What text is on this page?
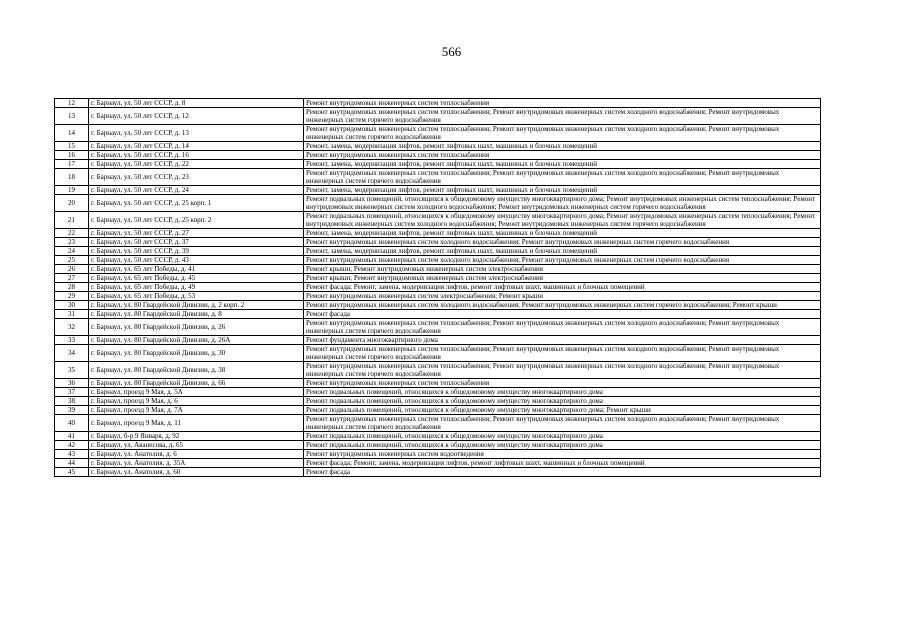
566
12	г. Барнаул, ул. 50 лет СССР, д. 8	Ремонт внутридомовых инженерных систем теплоснабжения
13	г. Барнаул, ул. 50 лет СССР, д. 12	Ремонт внутридомовых инженерных систем теплоснабжения; Ремонт внутридомовых инженерных систем холодного водоснабжения; Ремонт внутридомовых инженерных систем горячего водоснабжения
14	г. Барнаул, ул. 50 лет СССР, д. 13	Ремонт внутридомовых инженерных систем теплоснабжения; Ремонт внутридомовых инженерных систем холодного водоснабжения; Ремонт внутридомовых инженерных систем горячего водоснабжения
15	г. Барнаул, ул. 50 лет СССР, д. 14	Ремонт, замена, модернизация лифтов, ремонт лифтовых шахт, машинных и блочных помещений
16	г. Барнаул, ул. 50 лет СССР, д. 16	Ремонт внутридомовых инженерных систем теплоснабжения
17	г. Барнаул, ул. 50 лет СССР, д. 22	Ремонт, замена, модернизация лифтов, ремонт лифтовых шахт, машинных и блочных помещений
18	г. Барнаул, ул. 50 лет СССР, д. 23	Ремонт внутридомовых инженерных систем теплоснабжения; Ремонт внутридомовых инженерных систем холодного водоснабжения; Ремонт внутридомовых инженерных систем горячего водоснабжения
19	г. Барнаул, ул. 50 лет СССР, д. 24	Ремонт, замена, модернизация лифтов, ремонт лифтовых шахт, машинных и блочных помещений
20	г. Барнаул, ул. 50 лет СССР, д. 25 корп. 1	Ремонт подвальных помещений, относящихся к общедомовому имуществу многоквартирного дома; Ремонт внутридомовых инженерных систем теплоснабжения; Ремонт внутридомовых инженерных систем холодного водоснабжения; Ремонт внутридомовых инженерных систем горячего водоснабжения
21	г. Барнаул, ул. 50 лет СССР, д. 25 корп. 2	Ремонт подвальных помещений, относящихся к общедомовому имуществу многоквартирного дома; Ремонт внутридомовых инженерных систем теплоснабжения; Ремонт внутридомовых инженерных систем холодного водоснабжения; Ремонт внутридомовых инженерных систем горячего водоснабжения
22	г. Барнаул, ул. 50 лет СССР, д. 27	Ремонт, замена, модернизация лифтов, ремонт лифтовых шахт, машинных и блочных помещений
23	г. Барнаул, ул. 50 лет СССР, д. 37	Ремонт внутридомовых инженерных систем холодного водоснабжения; Ремонт внутридомовых инженерных систем горячего водоснабжения
24	г. Барнаул, ул. 50 лет СССР, д. 39	Ремонт, замена, модернизация лифтов, ремонт лифтовых шахт, машинных и блочных помещений
25	г. Барнаул, ул. 50 лет СССР, д. 43	Ремонт внутридомовых инженерных систем холодного водоснабжения; Ремонт внутридомовых инженерных систем горячего водоснабжения
26	г. Барнаул, ул. 65 лет Победы, д. 41	Ремонт крыши; Ремонт внутридомовых инженерных систем электроснабжения
27	г. Барнаул, ул. 65 лет Победы, д. 45	Ремонт крыши; Ремонт внутридомовых инженерных систем электроснабжения
28	г. Барнаул, ул. 65 лет Победы, д. 49	Ремонт фасада; Ремонт, замена, модернизация лифтов, ремонт лифтовых шахт, машинных и блочных помещений
29	г. Барнаул, ул. 65 лет Победы, д. 53	Ремонт внутридомовых инженерных систем электроснабжения; Ремонт крыши
30	г. Барнаул, ул. 80 Гвардейской Дивизии, д. 2 корп. 2	Ремонт внутридомовых инженерных систем холодного водоснабжения; Ремонт внутридомовых инженерных систем горячего водоснабжения; Ремонт крыши
31	г. Барнаул, ул. 80 Гвардейской Дивизии, д. 8	Ремонт фасада
32	г. Барнаул, ул. 80 Гвардейской Дивизии, д. 26	Ремонт внутридомовых инженерных систем теплоснабжения; Ремонт внутридомовых инженерных систем холодного водоснабжения; Ремонт внутридомовых инженерных систем горячего водоснабжения
33	г. Барнаул, ул. 80 Гвардейской Дивизии, д. 26А	Ремонт фундамента многоквартирного дома
34	г. Барнаул, ул. 80 Гвардейской Дивизии, д. 30	Ремонт внутридомовых инженерных систем теплоснабжения; Ремонт внутридомовых инженерных систем холодного водоснабжения; Ремонт внутридомовых инженерных систем горячего водоснабжения
35	г. Барнаул, ул. 80 Гвардейской Дивизии, д. 38	Ремонт внутридомовых инженерных систем теплоснабжения; Ремонт внутридомовых инженерных систем холодного водоснабжения; Ремонт внутридомовых инженерных систем горячего водоснабжения
36	г. Барнаул, ул. 80 Гвардейской Дивизии, д. 66	Ремонт внутридомовых инженерных систем теплоснабжения
37	г. Барнаул, проезд 9 Мая, д. 5А	Ремонт подвальных помещений, относящихся к общедомовому имуществу многоквартирного дома
38	г. Барнаул, проезд 9 Мая, д. 6	Ремонт подвальных помещений, относящихся к общедомовому имуществу многоквартирного дома
39	г. Барнаул, проезд 9 Мая, д. 7А	Ремонт подвальных помещений, относящихся к общедомовому имуществу многоквартирного дома; Ремонт крыши
40	г. Барнаул, проезд 9 Мая, д. 11	Ремонт внутридомовых инженерных систем теплоснабжения; Ремонт внутридомовых инженерных систем холодного водоснабжения; Ремонт внутридомовых инженерных систем горячего водоснабжения
41	г. Барнаул, б-р 9 Января, д. 92	Ремонт подвальных помещений, относящихся к общедомовому имуществу многоквартирного дома
42	г. Барнаул, ул. Аванесова, д. 65	Ремонт подвальных помещений, относящихся к общедомовому имуществу многоквартирного дома
43	г. Барнаул, ул. Анатолия, д. 6	Ремонт внутридомовых инженерных систем водоотведения
44	г. Барнаул, ул. Анатолия, д. 35А	Ремонт фасада; Ремонт, замена, модернизация лифтов, ремонт лифтовых шахт, машинных и блочных помещений
45	г. Барнаул, ул. Анатолия, д. 60	Ремонт фасада
